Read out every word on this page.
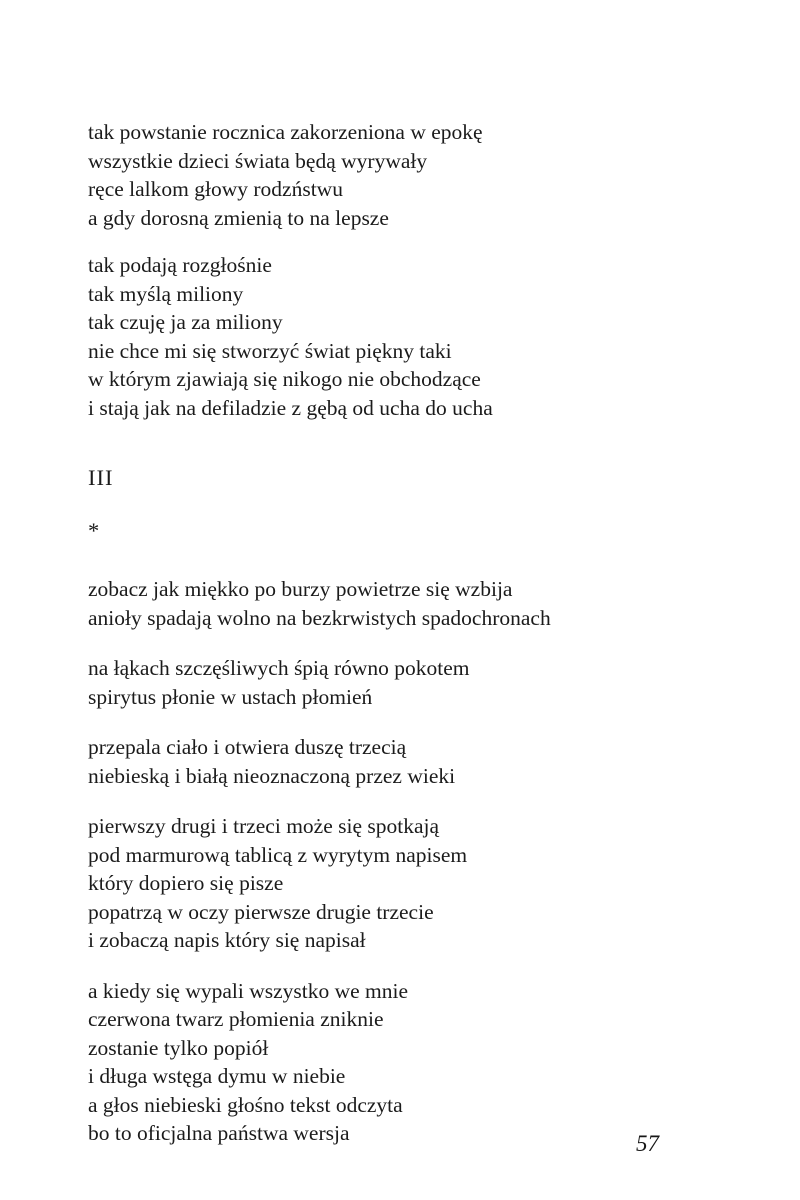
tak powstanie rocznica zakorzeniona w epokę
wszystkie dzieci świata będą wyrywały
ręce lalkom głowy rodzństwu
a gdy dorosną zmienią to na lepsze
tak podają rozgłośnie
tak myślą miliony
tak czuję ja za miliony
nie chce mi się stworzyć świat piękny taki
w którym zjawiają się nikogo nie obchodzące
i stają jak na defiladzie z gębą od ucha do ucha
III
*
zobacz jak miękko po burzy powietrze się wzbija
anioły spadają wolno na bezkrwistych spadochronach
na łąkach szczęśliwych śpią równo pokotem
spirytus płonie w ustach płomień
przepala ciało i otwiera duszę trzecią
niebieską i białą nieoznaczoną przez wieki
pierwszy drugi i trzeci może się spotkają
pod marmurową tablicą z wyrytym napisem
który dopiero się pisze
popatrzą w oczy pierwsze drugie trzecie
i zobaczą napis który się napisał
a kiedy się wypali wszystko we mnie
czerwona twarz płomienia zniknie
zostanie tylko popiół
i długa wstęga dymu w niebie
a głos niebieski głośno tekst odczyta
bo to oficjalna państwa wersja	57
